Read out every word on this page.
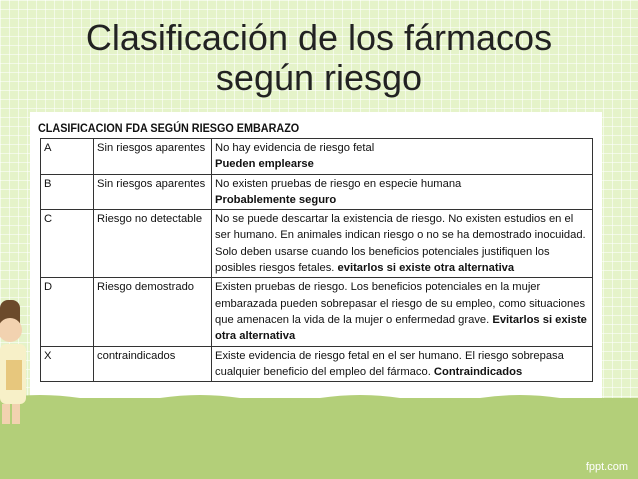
Clasificación de los fármacos
según riesgo
CLASIFICACION FDA SEGÚN RIESGO EMBARAZO
A	Sin riesgos aparentes	No hay evidencia de riesgo fetal
Pueden emplearse
B	Sin riesgos aparentes	No existen pruebas de riesgo en especie humana
Probablemente seguro
C	Riesgo no detectable	No se puede descartar la existencia de riesgo. No existen estudios en el ser humano. En animales indican riesgo o no se ha demostrado inocuidad. Solo deben usarse cuando los beneficios potenciales justifiquen los posibles riesgos fetales. evitarlos si existe otra alternativa
D	Riesgo demostrado	Existen pruebas de riesgo. Los beneficios potenciales en la mujer embarazada pueden sobrepasar el riesgo de su empleo, como situaciones que amenacen la vida de la mujer o enfermedad grave. Evitarlos si existe otra alternativa
X	contraindicados	Existe evidencia de riesgo fetal en el ser humano. El riesgo sobrepasa cualquier beneficio del empleo del fármaco. Contraindicados
fppt.com
